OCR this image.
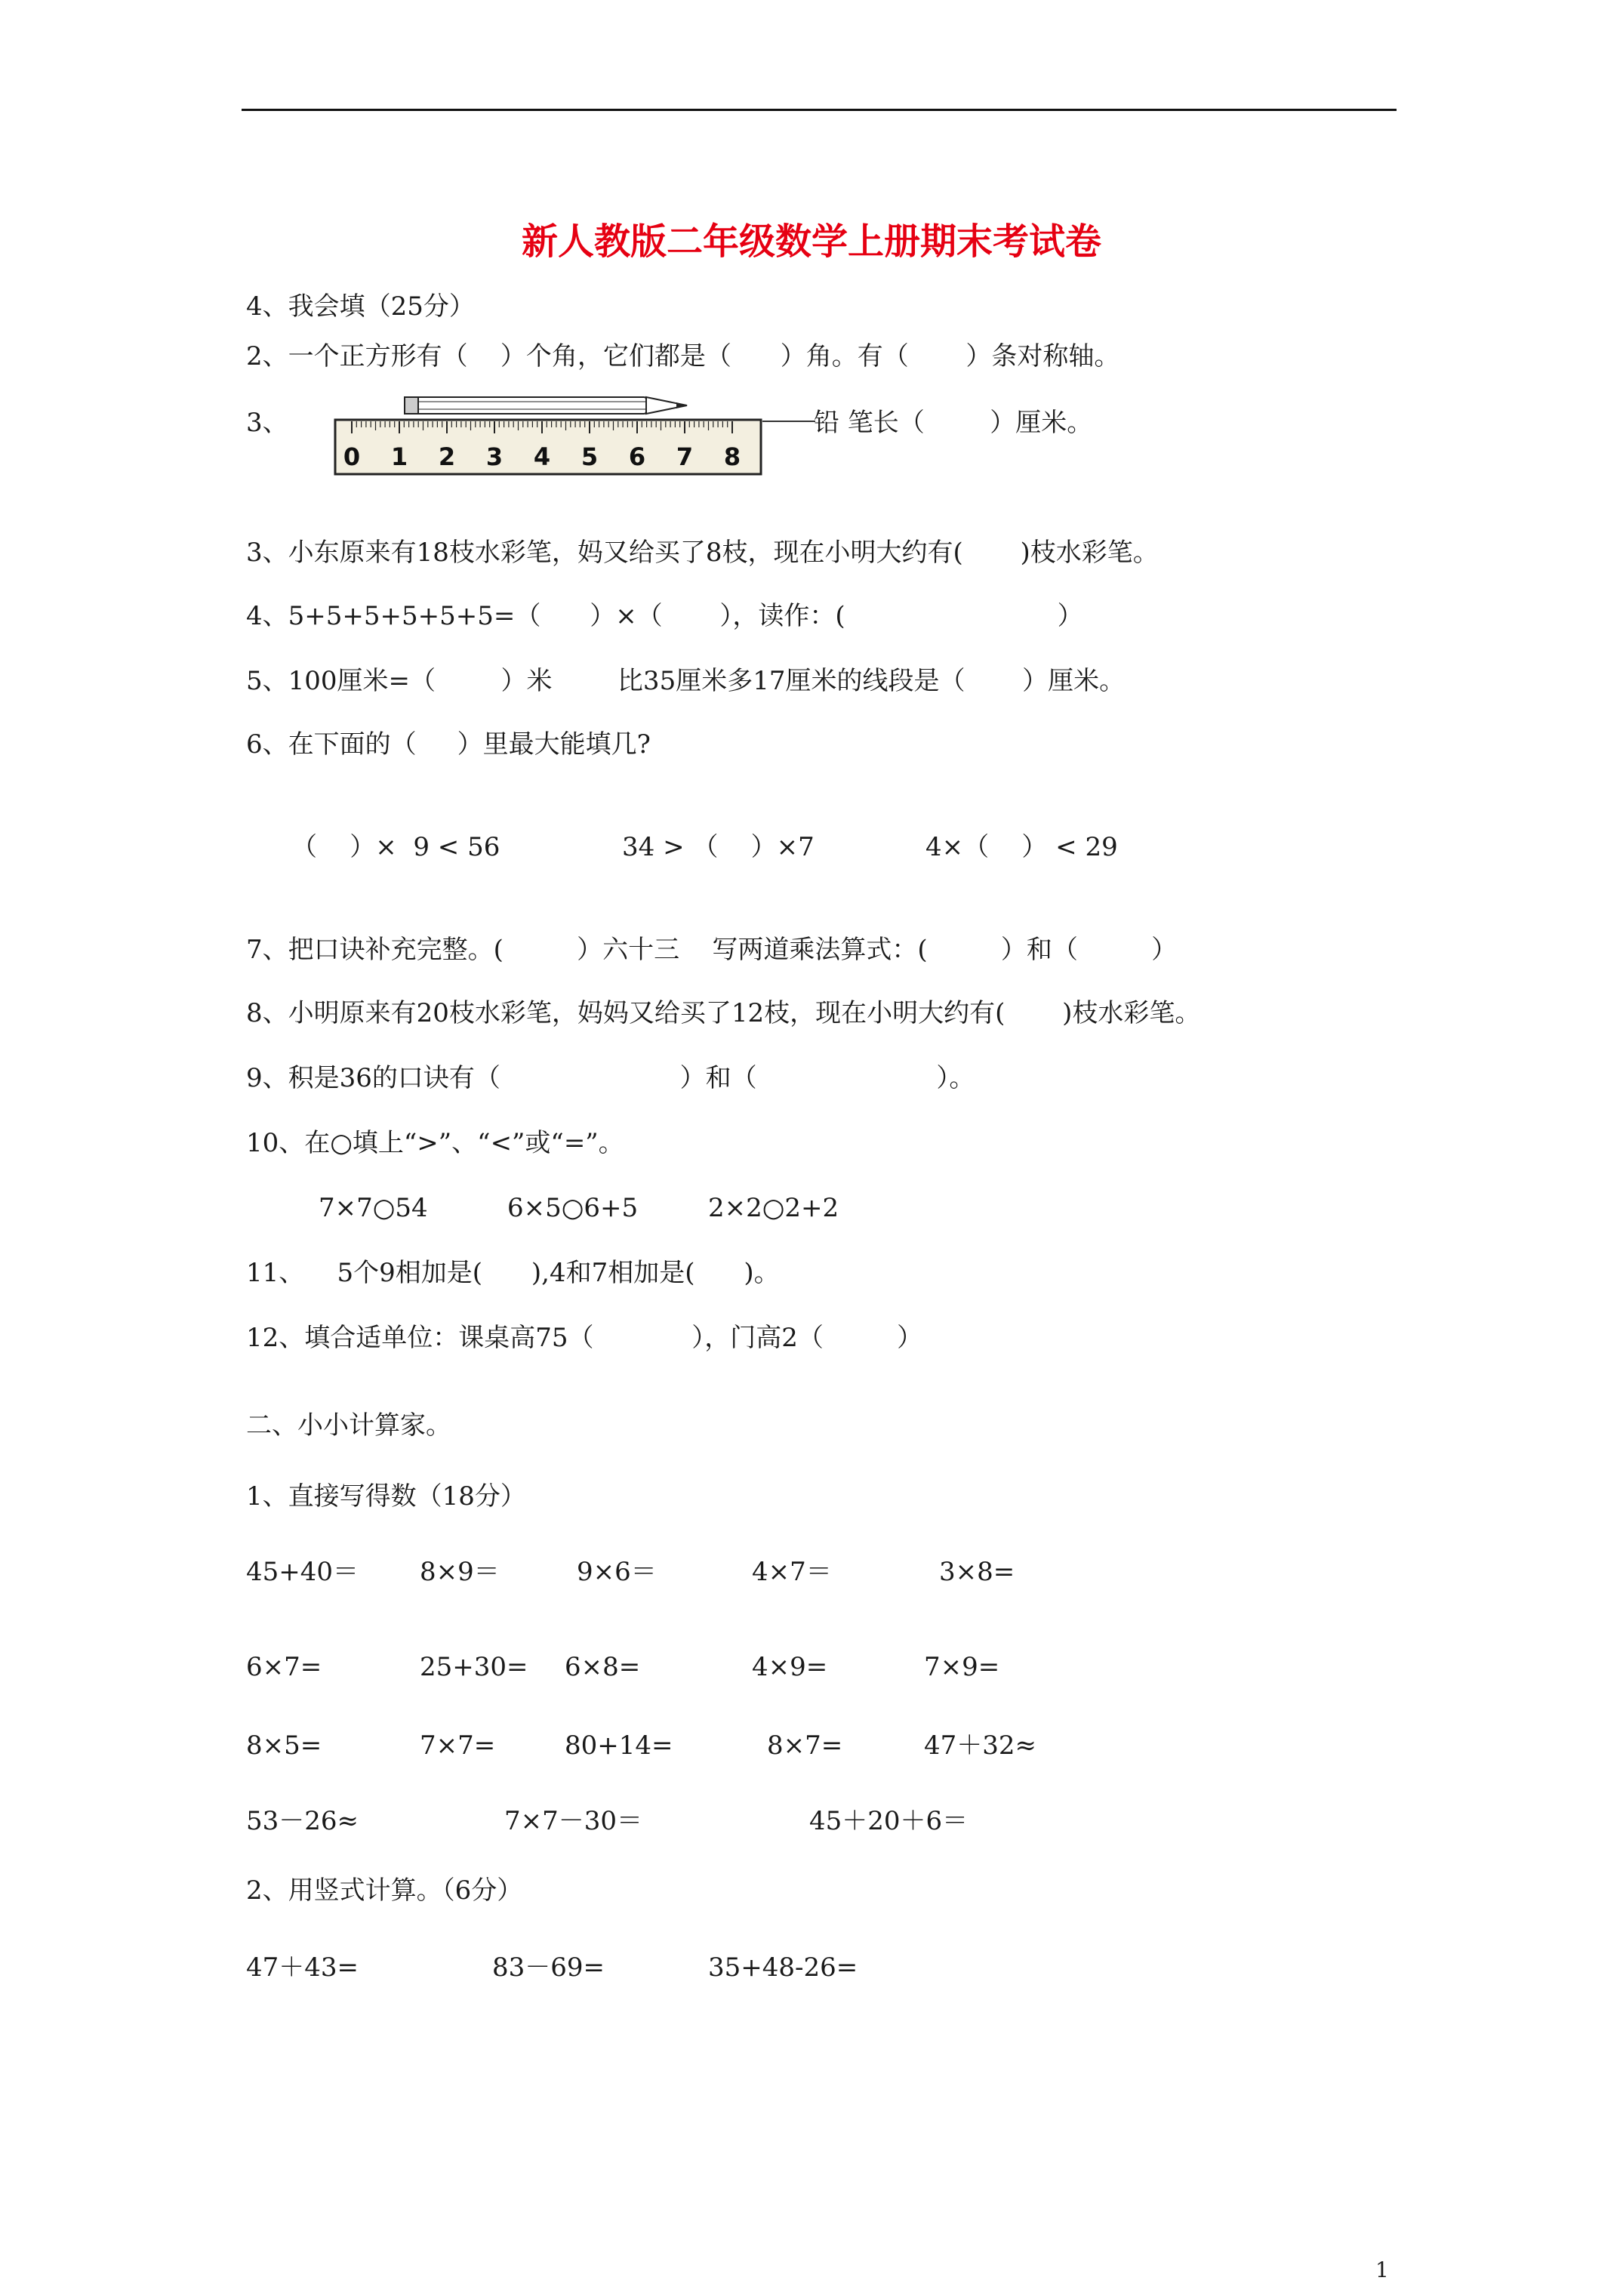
新人教版二年级数学上册期末考试卷
4、我会填（25分）
2、一个正方形有（    ）个角，它们都是（      ）角。有（       ）条对称轴。
3、
0 1 2 3 4 5 6 7 8
铅 笔长（        ）厘米。
3、小东原来有18枝水彩笔，妈又给买了8枝，现在小明大约有(       )枝水彩笔。
4、5+5+5+5+5+5=（      ）×（       ），读作：(                          ）
5、100厘米=（        ）米        比35厘米多17厘米的线段是（       ）厘米。
6、在下面的（     ）里最大能填几?
（    ）×  9 < 56	34 > （    ）×7	4×（    ） < 29
7、把口诀补充完整。(         ）六十三    写两道乘法算式：(         ）和（         ）
8、小明原来有20枝水彩笔，妈妈又给买了12枝，现在小明大约有(       )枝水彩笔。
9、积是36的口诀有（                      ）和（                      ）。
10、在○填上“>”、“<”或“=”。
7×7○54	6×5○6+5	2×2○2+2
11、    5个9相加是(      ),4和7相加是(      )。
12、填合适单位：课桌高75（            ），门高2（         ）
二、小小计算家。
1、直接写得数（18分）
45+40＝ 8×9＝	9×6＝	4×7＝	3×8=
6×7=	25+30= 6×8=	4×9=	7×9=
8×5=	7×7=	80+14=	8×7=	47＋32≈
53－26≈	7×7－30＝	45＋20＋6＝
2、用竖式计算。（6分）
47＋43=	83－69=	35+48-26=
1
